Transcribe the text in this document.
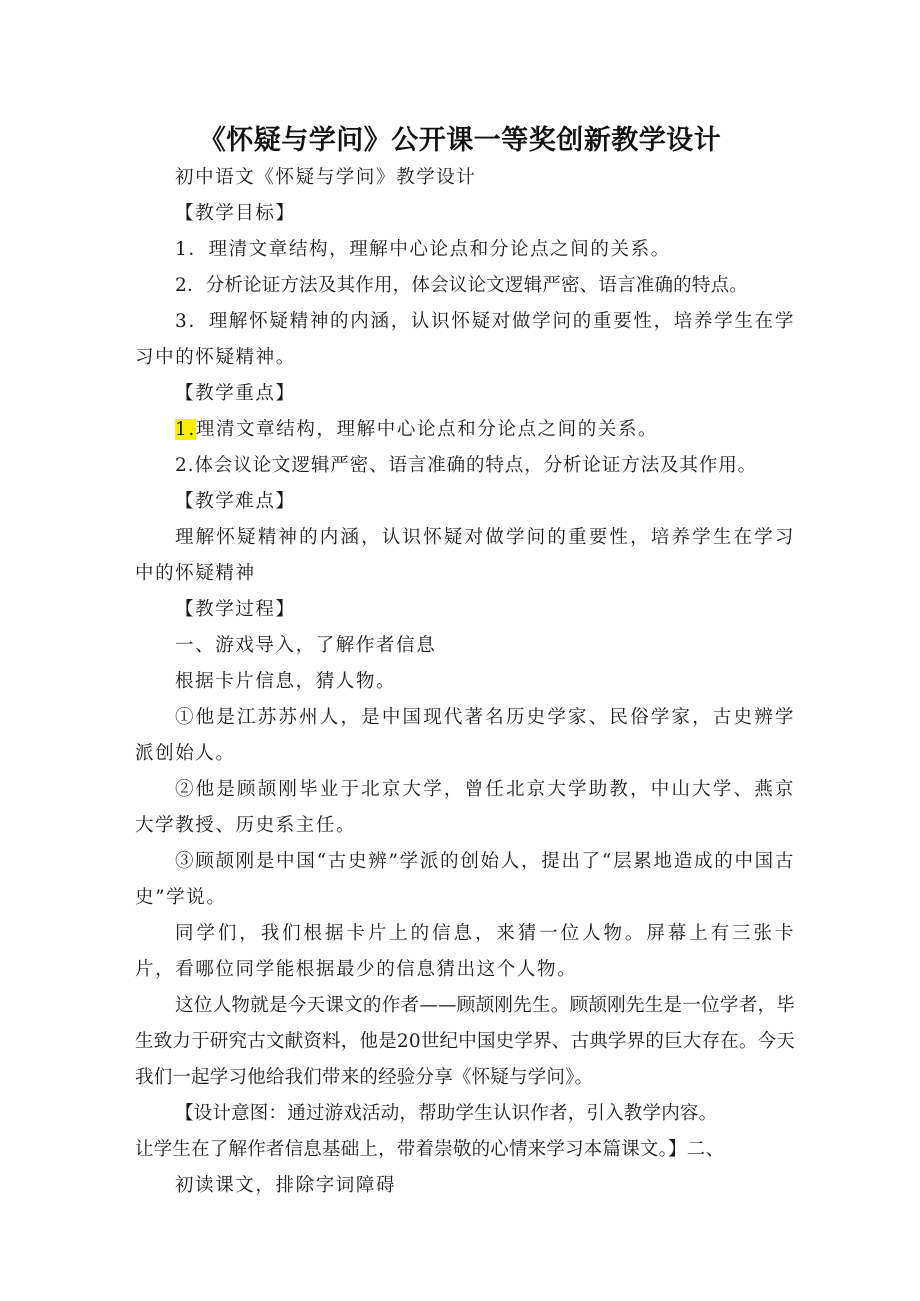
《怀疑与学问》公开课一等奖创新教学设计

初中语文《怀疑与学问》教学设计

【教学目标】

1．理清文章结构，理解中心论点和分论点之间的关系。

2．分析论证方法及其作用，体会议论文逻辑严密、语言准确的特点。

3．理解怀疑精神的内涵，认识怀疑对做学问的重要性，培养学生在学习中的怀疑精神。

【教学重点】

1.理清文章结构，理解中心论点和分论点之间的关系。

2.体会议论文逻辑严密、语言准确的特点，分析论证方法及其作用。

【教学难点】

理解怀疑精神的内涵，认识怀疑对做学问的重要性，培养学生在学习中的怀疑精神

【教学过程】

一、游戏导入，了解作者信息

根据卡片信息，猜人物。

①他是江苏苏州人，是中国现代著名历史学家、民俗学家，古史辨学派创始人。

②他是顾颉刚毕业于北京大学，曾任北京大学助教，中山大学、燕京大学教授、历史系主任。

③顾颉刚是中国“古史辨”学派的创始人，提出了“层累地造成的中国古史”学说。

同学们，我们根据卡片上的信息，来猜一位人物。屏幕上有三张卡片，看哪位同学能根据最少的信息猜出这个人物。

这位人物就是今天课文的作者——顾颉刚先生。顾颉刚先生是一位学者，毕生致力于研究古文献资料，他是20世纪中国史学界、古典学界的巨大存在。今天我们一起学习他给我们带来的经验分享《怀疑与学问》。

【设计意图：通过游戏活动，帮助学生认识作者，引入教学内容。

让学生在了解作者信息基础上，带着崇敬的心情来学习本篇课文。】二、

初读课文，排除字词障碍
